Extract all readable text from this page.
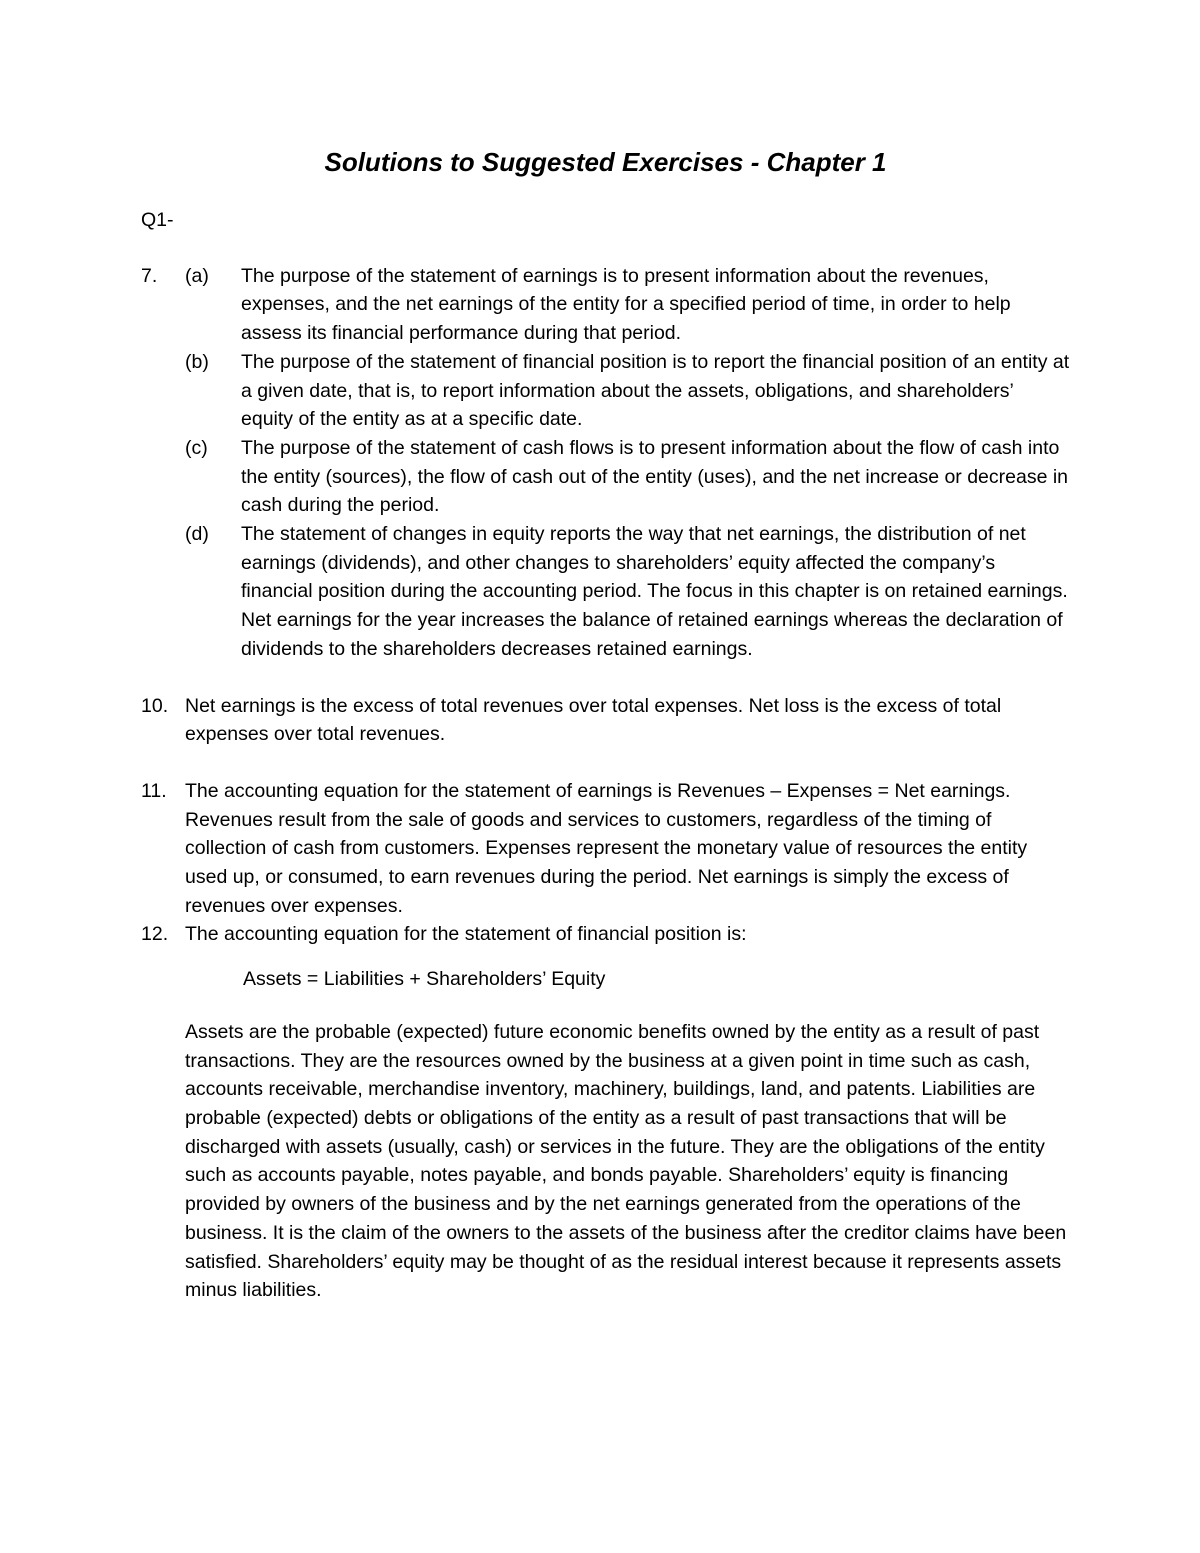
Solutions to Suggested Exercises - Chapter 1

Q1-

7.	(a)	The purpose of the statement of earnings is to present information about the revenues, expenses, and the net earnings of the entity for a specified period of time, in order to help assess its financial performance during that period.
(b)	The purpose of the statement of financial position is to report the financial position of an entity at a given date, that is, to report information about the assets, obligations, and shareholders’ equity of the entity as at a specific date.
(c)	The purpose of the statement of cash flows is to present information about the flow of cash into the entity (sources), the flow of cash out of the entity (uses), and the net increase or decrease in cash during the period.
(d)	The statement of changes in equity reports the way that net earnings, the distribution of net earnings (dividends), and other changes to shareholders’ equity affected the company’s financial position during the accounting period. The focus in this chapter is on retained earnings. Net earnings for the year increases the balance of retained earnings whereas the declaration of dividends to the shareholders decreases retained earnings.
10. Net earnings is the excess of total revenues over total expenses. Net loss is the excess of total expenses over total revenues.
11. The accounting equation for the statement of earnings is Revenues – Expenses = Net earnings. Revenues result from the sale of goods and services to customers, regardless of the timing of collection of cash from customers. Expenses represent the monetary value of resources the entity used up, or consumed, to earn revenues during the period. Net earnings is simply the excess of revenues over expenses.
12. The accounting equation for the statement of financial position is:

Assets = Liabilities + Shareholders’ Equity

Assets are the probable (expected) future economic benefits owned by the entity as a result of past transactions. They are the resources owned by the business at a given point in time such as cash, accounts receivable, merchandise inventory, machinery, buildings, land, and patents. Liabilities are probable (expected) debts or obligations of the entity as a result of past transactions that will be discharged with assets (usually, cash) or services in the future. They are the obligations of the entity such as accounts payable, notes payable, and bonds payable. Shareholders’ equity is financing provided by owners of the business and by the net earnings generated from the operations of the business. It is the claim of the owners to the assets of the business after the creditor claims have been satisfied. Shareholders’ equity may be thought of as the residual interest because it represents assets minus liabilities.
